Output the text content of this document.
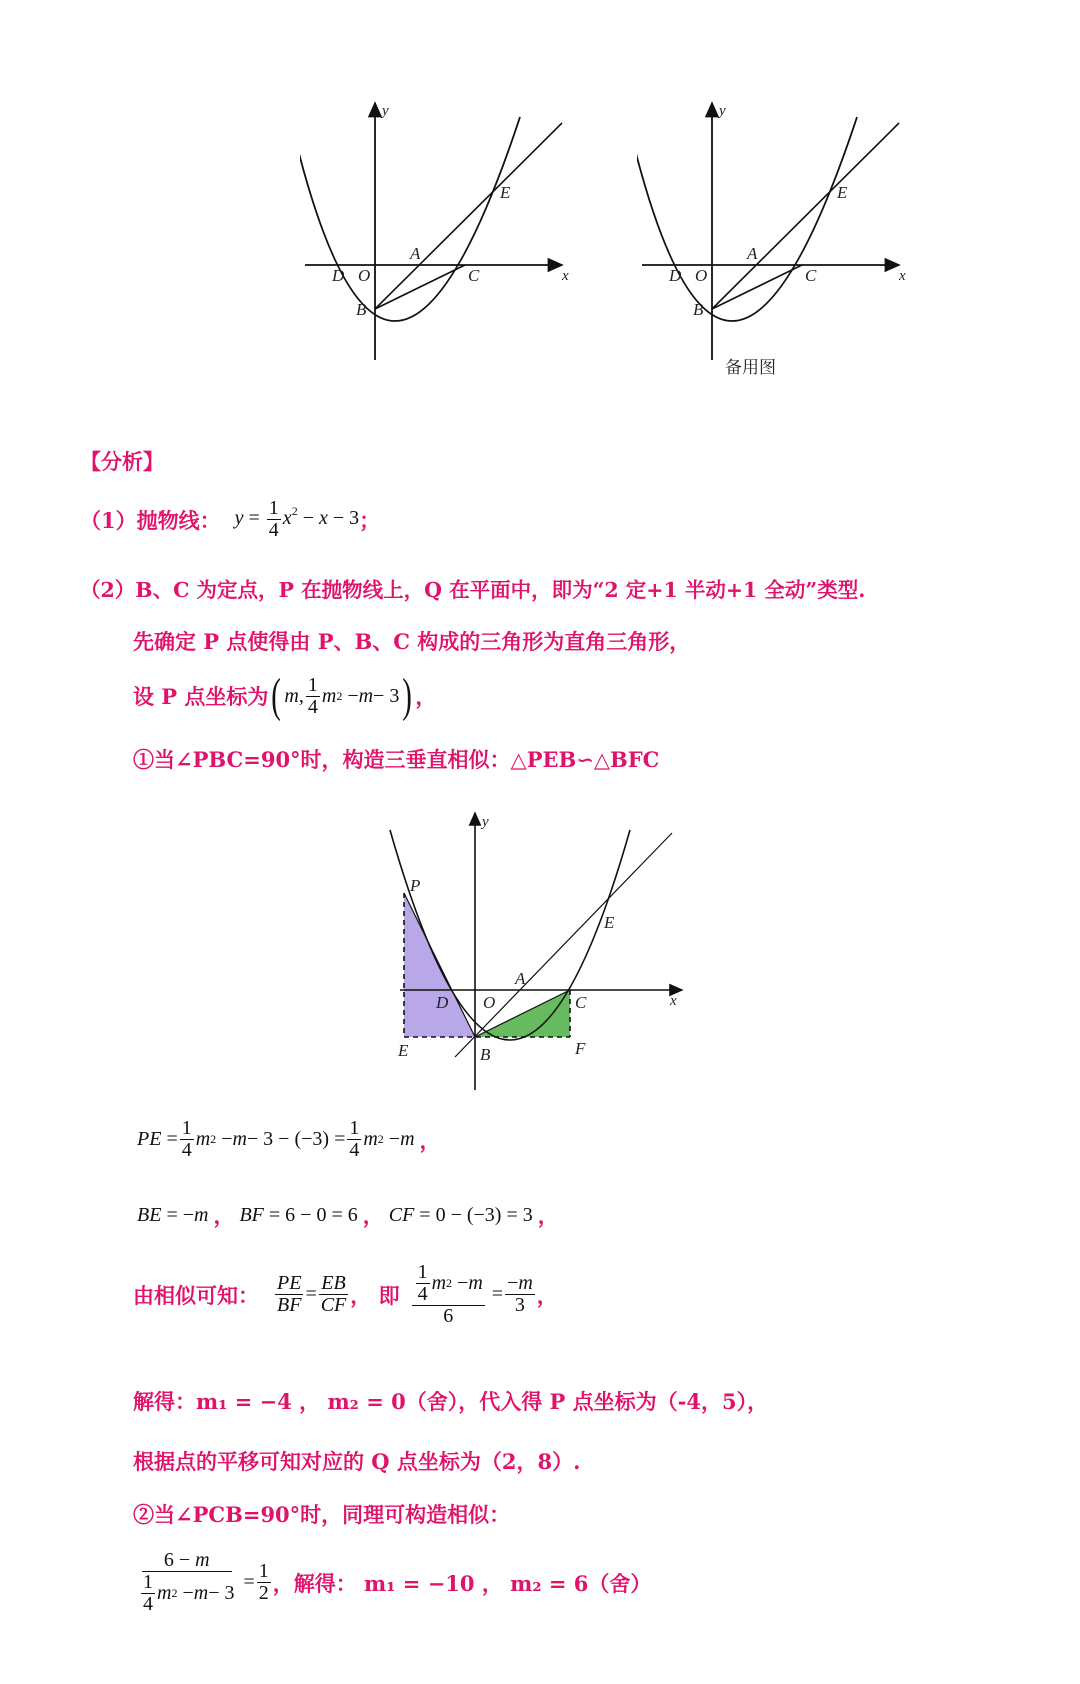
y
x
E
A
D O	C
B
y
x
E
A
D O	C
B
备用图
【分析】
（1）抛物线： $y = \frac{1}{4} x^2 - x - 3$ ；
（2）B、C 为定点，P 在抛物线上，Q 在平面中，即为“2 定+1 半动+1 全动”类型.
先确定 P 点使得由 P、B、C 构成的三角形为直角三角形，
设 P 点坐标为 ( m , $\frac{1}{4}$ m 2 − m − 3 ) ，
①当∠PBC=90°时，构造三垂直相似：△PEB∽△BFC
y
x
P
E
A
D O	C
E	B	F
PE = $\frac{1}{4}$ m $2 - m - 3 - (-3) = \frac{1}{4}$ m 2 − m
，
BE = − m
，
BF = 6 − 0 = 6 ，
CF = 0 − (−3) = 3 ，
由相似可知： $\frac{PE}{BF} = \frac{EB}{CF}$ ， 即 $\frac{\frac{1}{4} m 2 - m}{6} = \frac{-m}{3}$ ，
解得：m₁ = −4 ， m₂ = 0（舍），代入得 P 点坐标为（-4，5），
根据点的平移可知对应的 Q 点坐标为（2，8）.
②当∠PCB=90°时，同理可构造相似：
$\frac{6 - m}{\frac{1}{4} m 2 - m - 3} = \frac{1}{2}$ ，解得： m₁ = −10 ， m₂ = 6（舍）
